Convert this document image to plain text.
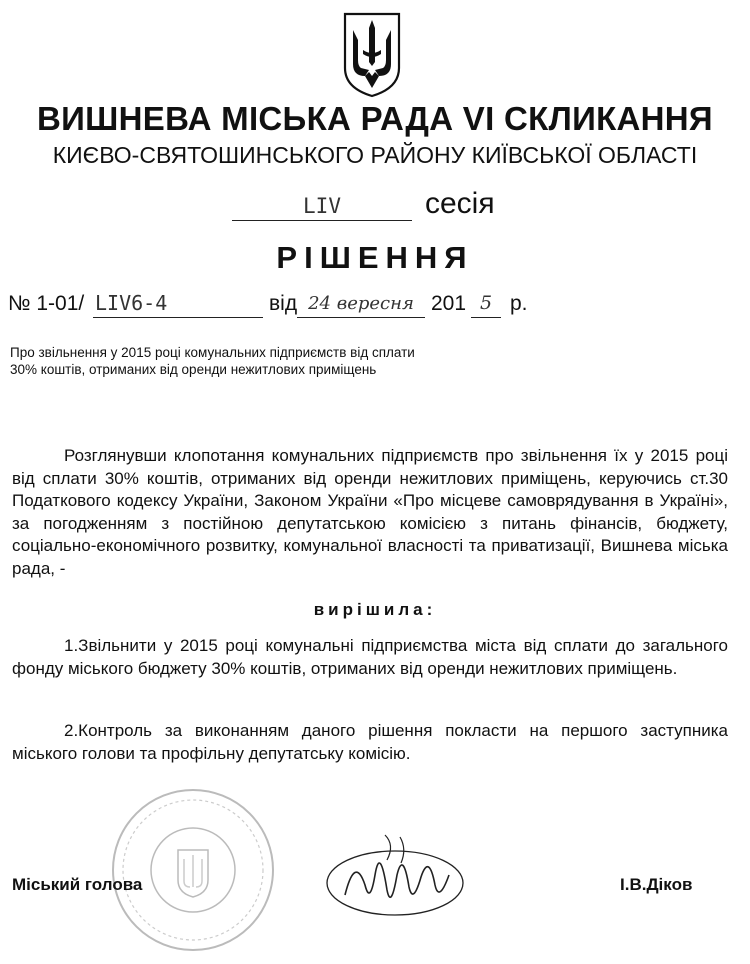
ВИШНЕВА МІСЬКА РАДА VI СКЛИКАННЯ
КИЄВО-СВЯТОШИНСЬКОГО РАЙОНУ КИЇВСЬКОЇ ОБЛАСТІ
LIV	сесія
РІШЕННЯ
№ 1-01/ LIV6-4	від 24 вересня 201 5 р.
Про звільнення у 2015 році комунальних підприємств від сплати 30% коштів, отриманих від оренди нежитлових приміщень
Розглянувши клопотання комунальних підприємств про звільнення їх у 2015 році від сплати 30% коштів, отриманих від оренди нежитлових приміщень, керуючись ст.30 Податкового кодексу України, Законом України «Про місцеве самоврядування в Україні», за погодженням з постійною депутатською комісією з питань фінансів, бюджету, соціально-економічного розвитку, комунальної власності та приватизації, Вишнева міська рада, -
вирішила:
1.Звільнити у 2015 році комунальні підприємства міста від сплати до загального фонду міського бюджету 30% коштів, отриманих від оренди нежитлових приміщень.
2.Контроль за виконанням даного рішення покласти на першого заступника міського голови та профільну депутатську комісію.
Міський голова	І.В.Діков
